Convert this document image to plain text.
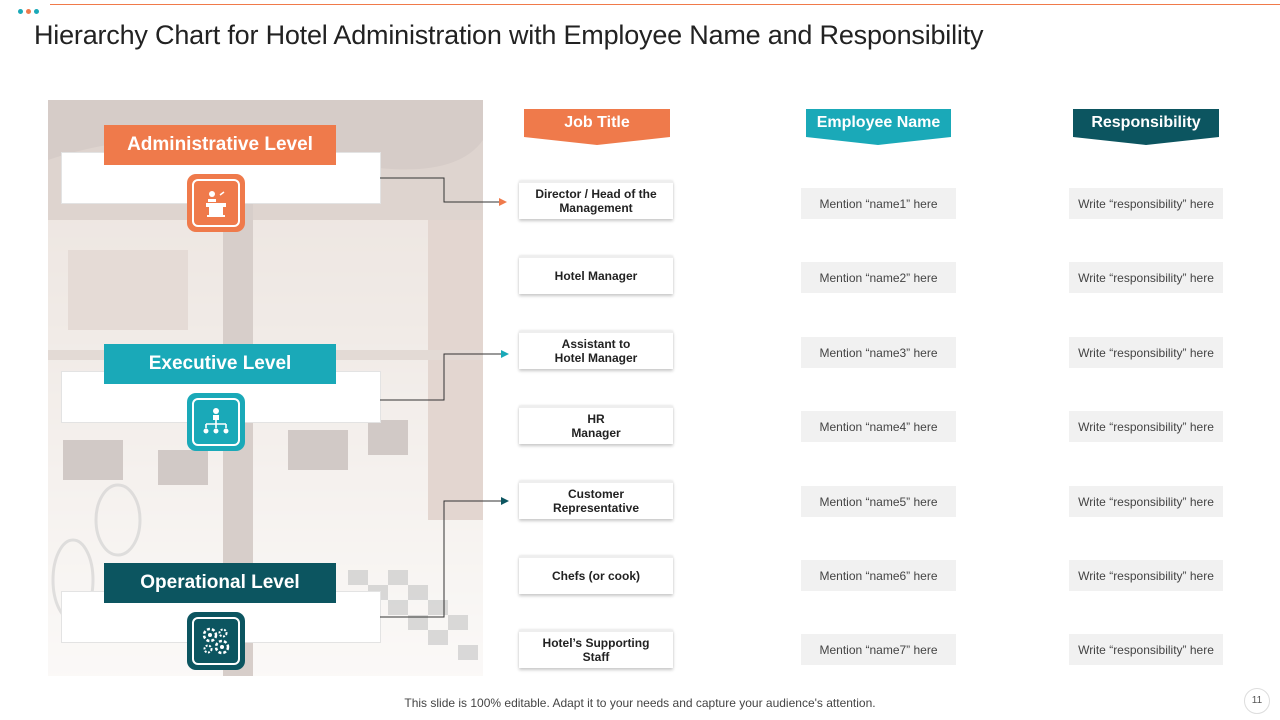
Hierarchy Chart for Hotel Administration with Employee Name and Responsibility
Administrative Level
Executive Level
Operational Level
Job Title	Employee Name	Responsibility
Director / Head of the
Management	Mention “name1” here	Write “responsibility” here
Hotel Manager	Mention “name2” here	Write “responsibility” here
Assistant to
Hotel Manager	Mention “name3” here	Write “responsibility” here
HR
Manager	Mention “name4” here	Write “responsibility” here
Customer
Representative	Mention “name5” here	Write “responsibility” here
Chefs (or cook)	Mention “name6” here	Write “responsibility” here
Hotel’s Supporting
Staff
Mention “name7” here	Write “responsibility” here
This slide is 100% editable. Adapt it to your needs and capture your audience's attention.	11
